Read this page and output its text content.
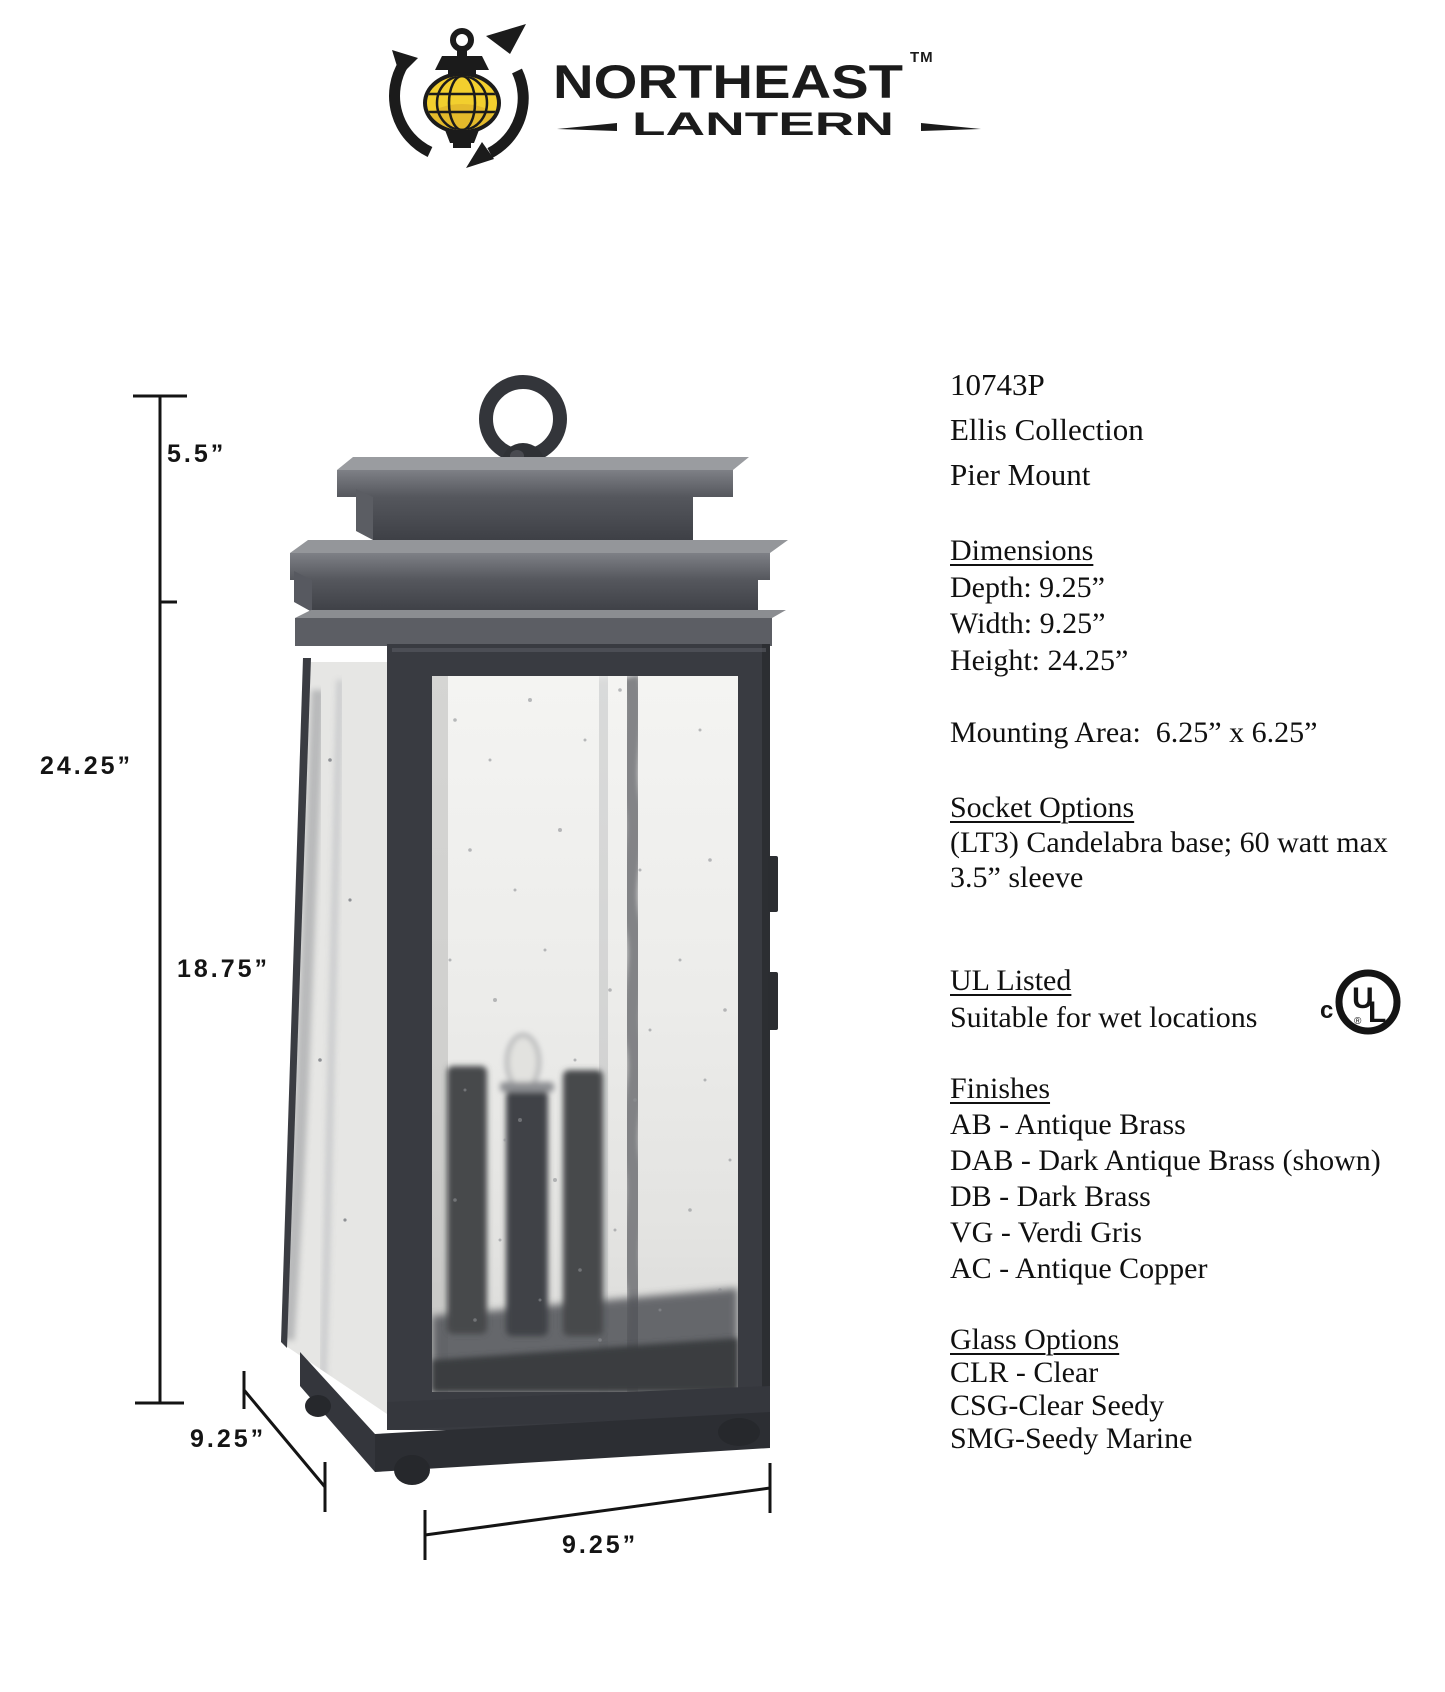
NORTHEAST TM
LANTERN
5.5”
24.25”
18.75”
9.25”
9.25”

10743P

Ellis Collection

Pier Mount

Dimensions

Depth: 9.25”

Width: 9.25”

Height: 24.25”

Mounting Area:  6.25” x 6.25”

Socket Options

(LT3) Candelabra base; 60 watt max

3.5” sleeve

UL Listed

Suitable for wet locations	c U
L
®

Finishes

AB - Antique Brass

DAB - Dark Antique Brass (shown)

DB - Dark Brass

VG - Verdi Gris

AC - Antique Copper

Glass Options

CLR - Clear

CSG-Clear Seedy

SMG-Seedy Marine
